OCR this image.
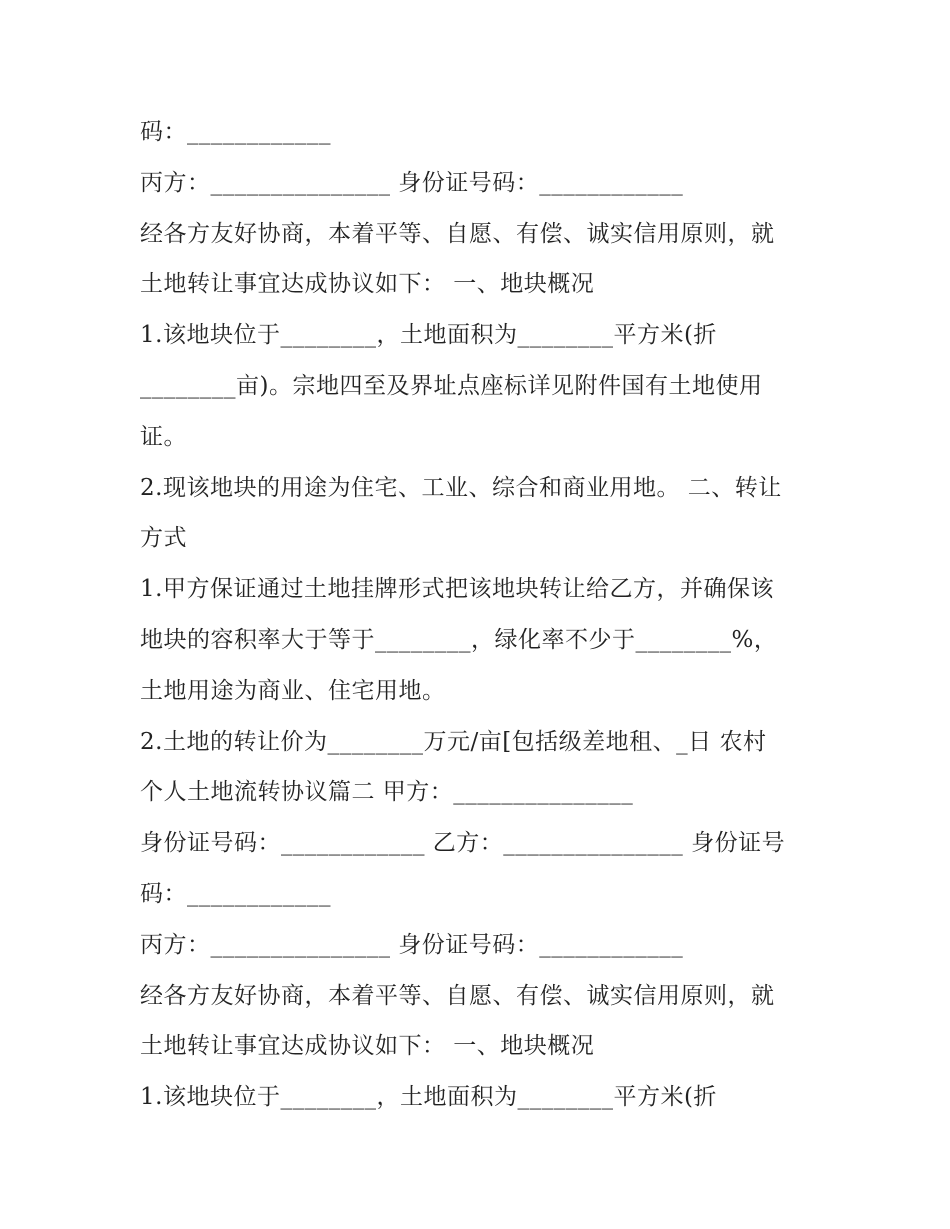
码：____________
丙方：_______________ 身份证号码：____________
经各方友好协商，本着平等、自愿、有偿、诚实信用原则，就
土地转让事宜达成协议如下： 一、地块概况
1.该地块位于________，土地面积为________平方米(折
________亩)。宗地四至及界址点座标详见附件国有土地使用
证。
2.现该地块的用途为住宅、工业、综合和商业用地。 二、转让
方式
1.甲方保证通过土地挂牌形式把该地块转让给乙方，并确保该
地块的容积率大于等于________，绿化率不少于________%，
土地用途为商业、住宅用地。
2.土地的转让价为________万元/亩[包括级差地租、_日 农村
个人土地流转协议篇二 甲方：_______________
身份证号码：____________ 乙方：_______________ 身份证号
码：____________
丙方：_______________ 身份证号码：____________
经各方友好协商，本着平等、自愿、有偿、诚实信用原则，就
土地转让事宜达成协议如下： 一、地块概况
1.该地块位于________，土地面积为________平方米(折
